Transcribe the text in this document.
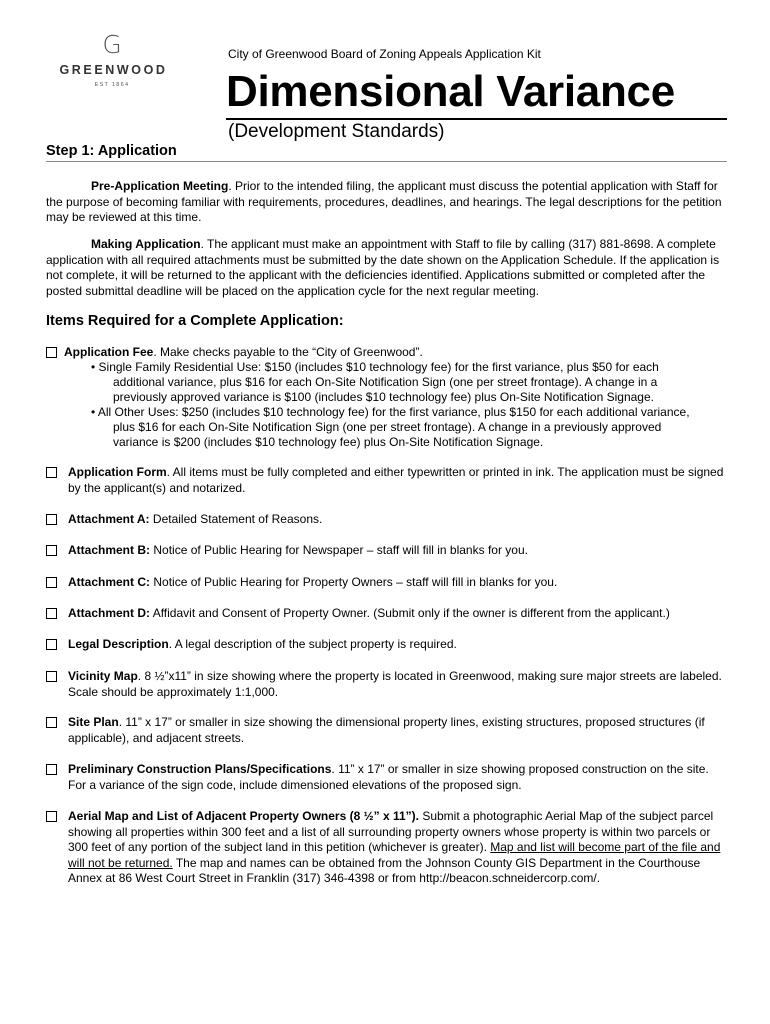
G
GREENWOOD
EST 1864
City of Greenwood Board of Zoning Appeals Application Kit
Dimensional Variance
(Development Standards)
Step 1: Application
Pre-Application Meeting. Prior to the intended filing, the applicant must discuss the potential application with Staff for the purpose of becoming familiar with requirements, procedures, deadlines, and hearings. The legal descriptions for the petition may be reviewed at this time.
Making Application. The applicant must make an appointment with Staff to file by calling (317) 881-8698. A complete application with all required attachments must be submitted by the date shown on the Application Schedule. If the application is not complete, it will be returned to the applicant with the deficiencies identified. Applications submitted or completed after the posted submittal deadline will be placed on the application cycle for the next regular meeting.
Items Required for a Complete Application:
Application Fee. Make checks payable to the “City of Greenwood”.
• Single Family Residential Use: $150 (includes $10 technology fee) for the first variance, plus $50 for each
additional variance, plus $16 for each On-Site Notification Sign (one per street frontage). A change in a
previously approved variance is $100 (includes $10 technology fee) plus On-Site Notification Signage.
• All Other Uses: $250 (includes $10 technology fee) for the first variance, plus $150 for each additional variance,
plus $16 for each On-Site Notification Sign (one per street frontage). A change in a previously approved
variance is $200 (includes $10 technology fee) plus On-Site Notification Signage.
Application Form. All items must be fully completed and either typewritten or printed in ink. The application must be signed by the applicant(s) and notarized.
Attachment A: Detailed Statement of Reasons.
Attachment B: Notice of Public Hearing for Newspaper – staff will fill in blanks for you.
Attachment C: Notice of Public Hearing for Property Owners – staff will fill in blanks for you.
Attachment D: Affidavit and Consent of Property Owner. (Submit only if the owner is different from the applicant.)
Legal Description. A legal description of the subject property is required.
Vicinity Map. 8 ½”x11” in size showing where the property is located in Greenwood, making sure major streets are labeled. Scale should be approximately 1:1,000.
Site Plan. 11” x 17” or smaller in size showing the dimensional property lines, existing structures, proposed structures (if applicable), and adjacent streets.
Preliminary Construction Plans/Specifications. 11” x 17” or smaller in size showing proposed construction on the site. For a variance of the sign code, include dimensioned elevations of the proposed sign.
Aerial Map and List of Adjacent Property Owners (8 ½” x 11”). Submit a photographic Aerial Map of the subject parcel showing all properties within 300 feet and a list of all surrounding property owners whose property is within two parcels or 300 feet of any portion of the subject land in this petition (whichever is greater). Map and list will become part of the file and will not be returned. The map and names can be obtained from the Johnson County GIS Department in the Courthouse Annex at 86 West Court Street in Franklin (317) 346-4398 or from http://beacon.schneidercorp.com/.
